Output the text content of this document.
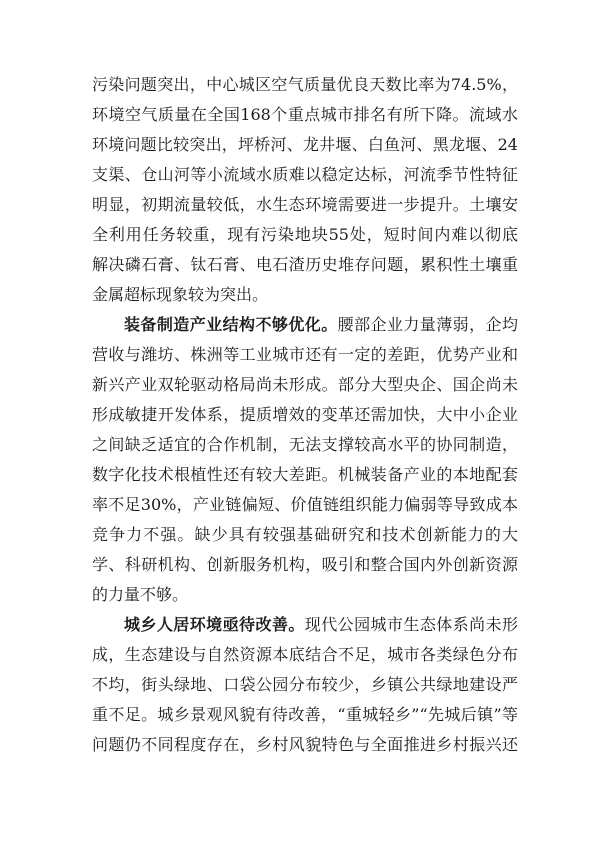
污染问题突出，中心城区空气质量优良天数比率为74.5%，
环境空气质量在全国168个重点城市排名有所下降。流域水
环境问题比较突出，坪桥河、龙井堰、白鱼河、黑龙堰、24
支渠、仓山河等小流域水质难以稳定达标，河流季节性特征
明显，初期流量较低，水生态环境需要进一步提升。土壤安
全利用任务较重，现有污染地块55处，短时间内难以彻底
解决磷石膏、钛石膏、电石渣历史堆存问题，累积性土壤重
金属超标现象较为突出。
装备制造产业结构不够优化。腰部企业力量薄弱，企均
营收与潍坊、株洲等工业城市还有一定的差距，优势产业和
新兴产业双轮驱动格局尚未形成。部分大型央企、国企尚未
形成敏捷开发体系，提质增效的变革还需加快，大中小企业
之间缺乏适宜的合作机制，无法支撑较高水平的协同制造，
数字化技术根植性还有较大差距。机械装备产业的本地配套
率不足30%，产业链偏短、价值链组织能力偏弱等导致成本
竞争力不强。缺少具有较强基础研究和技术创新能力的大
学、科研机构、创新服务机构，吸引和整合国内外创新资源
的力量不够。
城乡人居环境亟待改善。现代公园城市生态体系尚未形
成，生态建设与自然资源本底结合不足，城市各类绿色分布
不均，街头绿地、口袋公园分布较少，乡镇公共绿地建设严
重不足。城乡景观风貌有待改善，“重城轻乡”“先城后镇”等
问题仍不同程度存在，乡村风貌特色与全面推进乡村振兴还
